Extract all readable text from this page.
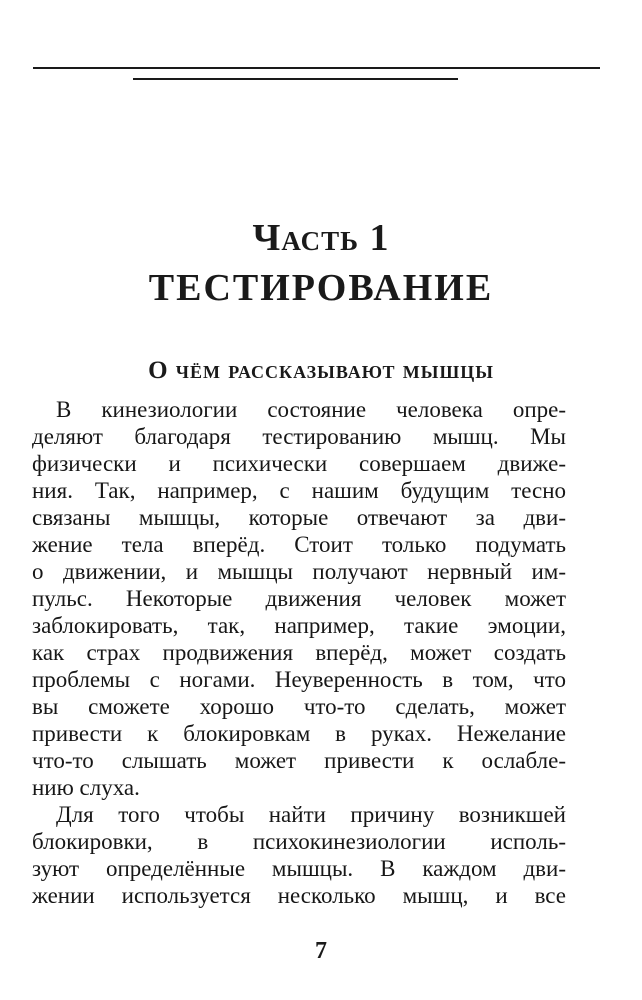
Часть 1
ТЕСТИРОВАНИЕ
О чём рассказывают мышцы
В кинезиологии состояние человека опре-
деляют благодаря тестированию мышц. Мы
физически и психически совершаем движе-
ния. Так, например, с нашим будущим тесно
связаны мышцы, которые отвечают за дви-
жение тела вперёд. Стоит только подумать
о движении, и мышцы получают нервный им-
пульс. Некоторые движения человек может
заблокировать, так, например, такие эмоции,
как страх продвижения вперёд, может создать
проблемы с ногами. Неуверенность в том, что
вы сможете хорошо что-то сделать, может
привести к блокировкам в руках. Нежелание
что-то слышать может привести к ослабле-
нию слуха.
Для того чтобы найти причину возникшей
блокировки, в психокинезиологии исполь-
зуют определённые мышцы. В каждом дви-
жении используется несколько мышц, и все
7
